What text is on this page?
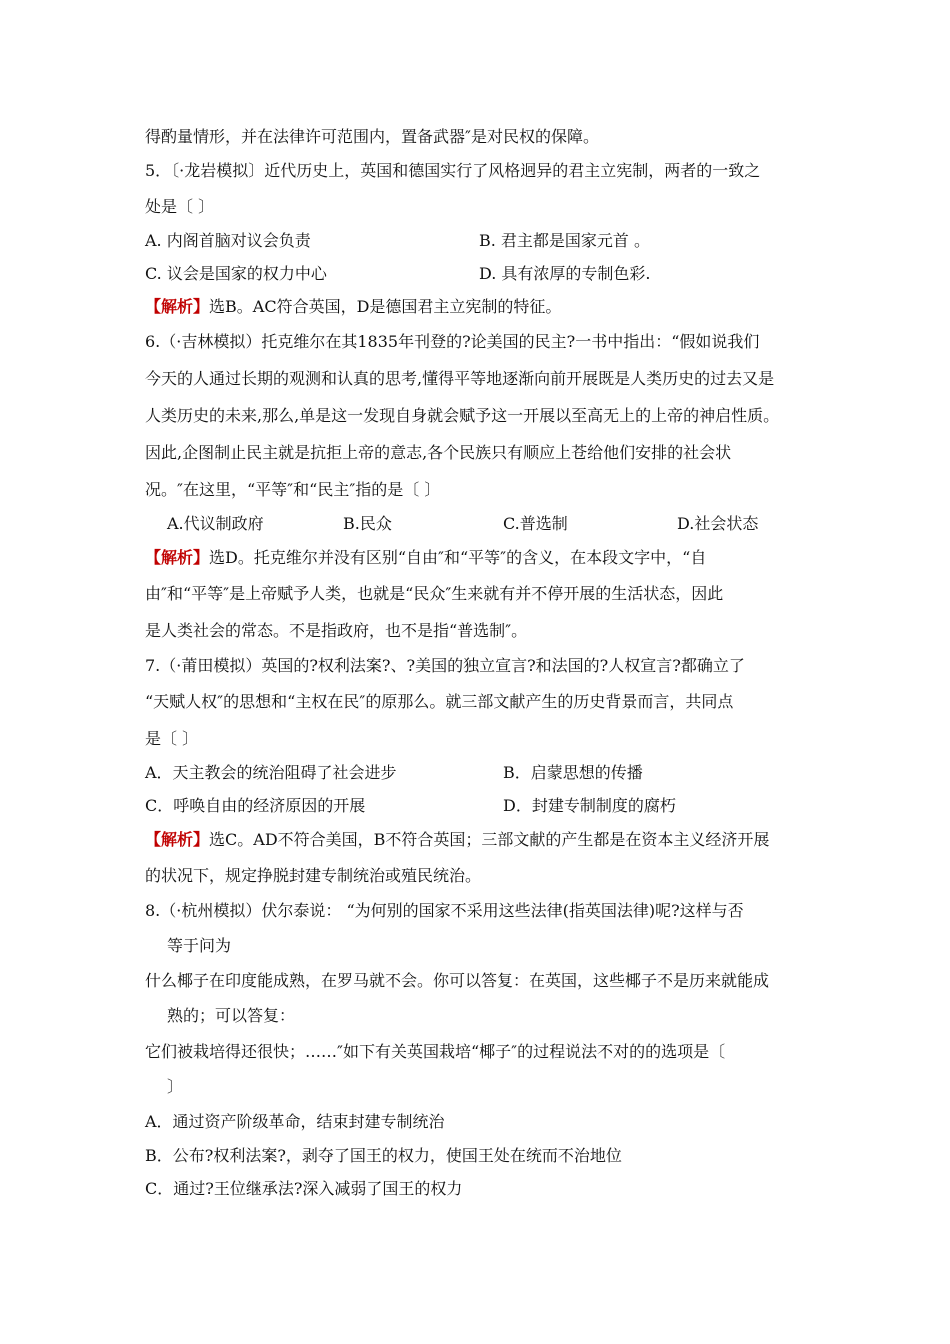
得酌量情形，并在法律许可范围内，置备武器″是对民权的保障。
5．〔·龙岩模拟〕近代历史上，英国和德国实行了风格迥异的君主立宪制，两者的一致之
处是〔 〕
A. 内阁首脑对议会负责	B. 君主都是国家元首 。
C. 议会是国家的权力中心	D. 具有浓厚的专制色彩.
【解析】选B。AC符合英国，D是德国君主立宪制的特征。
6.（·吉林模拟）托克维尔在其1835年刊登的?论美国的民主?一书中指出：“假如说我们
今天的人通过长期的观测和认真的思考,懂得平等地逐渐向前开展既是人类历史的过去又是
人类历史的未来,那么,单是这一发现自身就会赋予这一开展以至高无上的上帝的神启性质。
因此,企图制止民主就是抗拒上帝的意志,各个民族只有顺应上苍给他们安排的社会状
况。″在这里，“平等″和“民主″指的是〔 〕
A.代议制政府	B.民众	C.普选制	D.社会状态
【解析】选D。托克维尔并没有区别“自由″和“平等″的含义，在本段文字中，“自
由″和“平等″是上帝赋予人类，也就是“民众″生来就有并不停开展的生活状态，因此
是人类社会的常态。不是指政府，也不是指“普选制″。
7.（·莆田模拟）英国的?权利法案?、?美国的独立宣言?和法国的?人权宣言?都确立了
“天赋人权″的思想和“主权在民″的原那么。就三部文献产生的历史背景而言，共同点
是〔 〕
A．天主教会的统治阻碍了社会进步	B．启蒙思想的传播
C．呼唤自由的经济原因的开展	D．封建专制制度的腐朽
【解析】选C。AD不符合美国，B不符合英国；三部文献的产生都是在资本主义经济开展
的状况下，规定挣脱封建专制统治或殖民统治。
8.（·杭州模拟）伏尔泰说： “为何别的国家不采用这些法律(指英国法律)呢?这样与否
等于问为
什么椰子在印度能成熟，在罗马就不会。你可以答复：在英国，这些椰子不是历来就能成
熟的；可以答复：
它们被栽培得还很快；……″如下有关英国栽培“椰子″的过程说法不对的的选项是〔
〕
A．通过资产阶级革命，结束封建专制统治
B．公布?权利法案?，剥夺了国王的权力，使国王处在统而不治地位
C．通过?王位继承法?深入减弱了国王的权力
